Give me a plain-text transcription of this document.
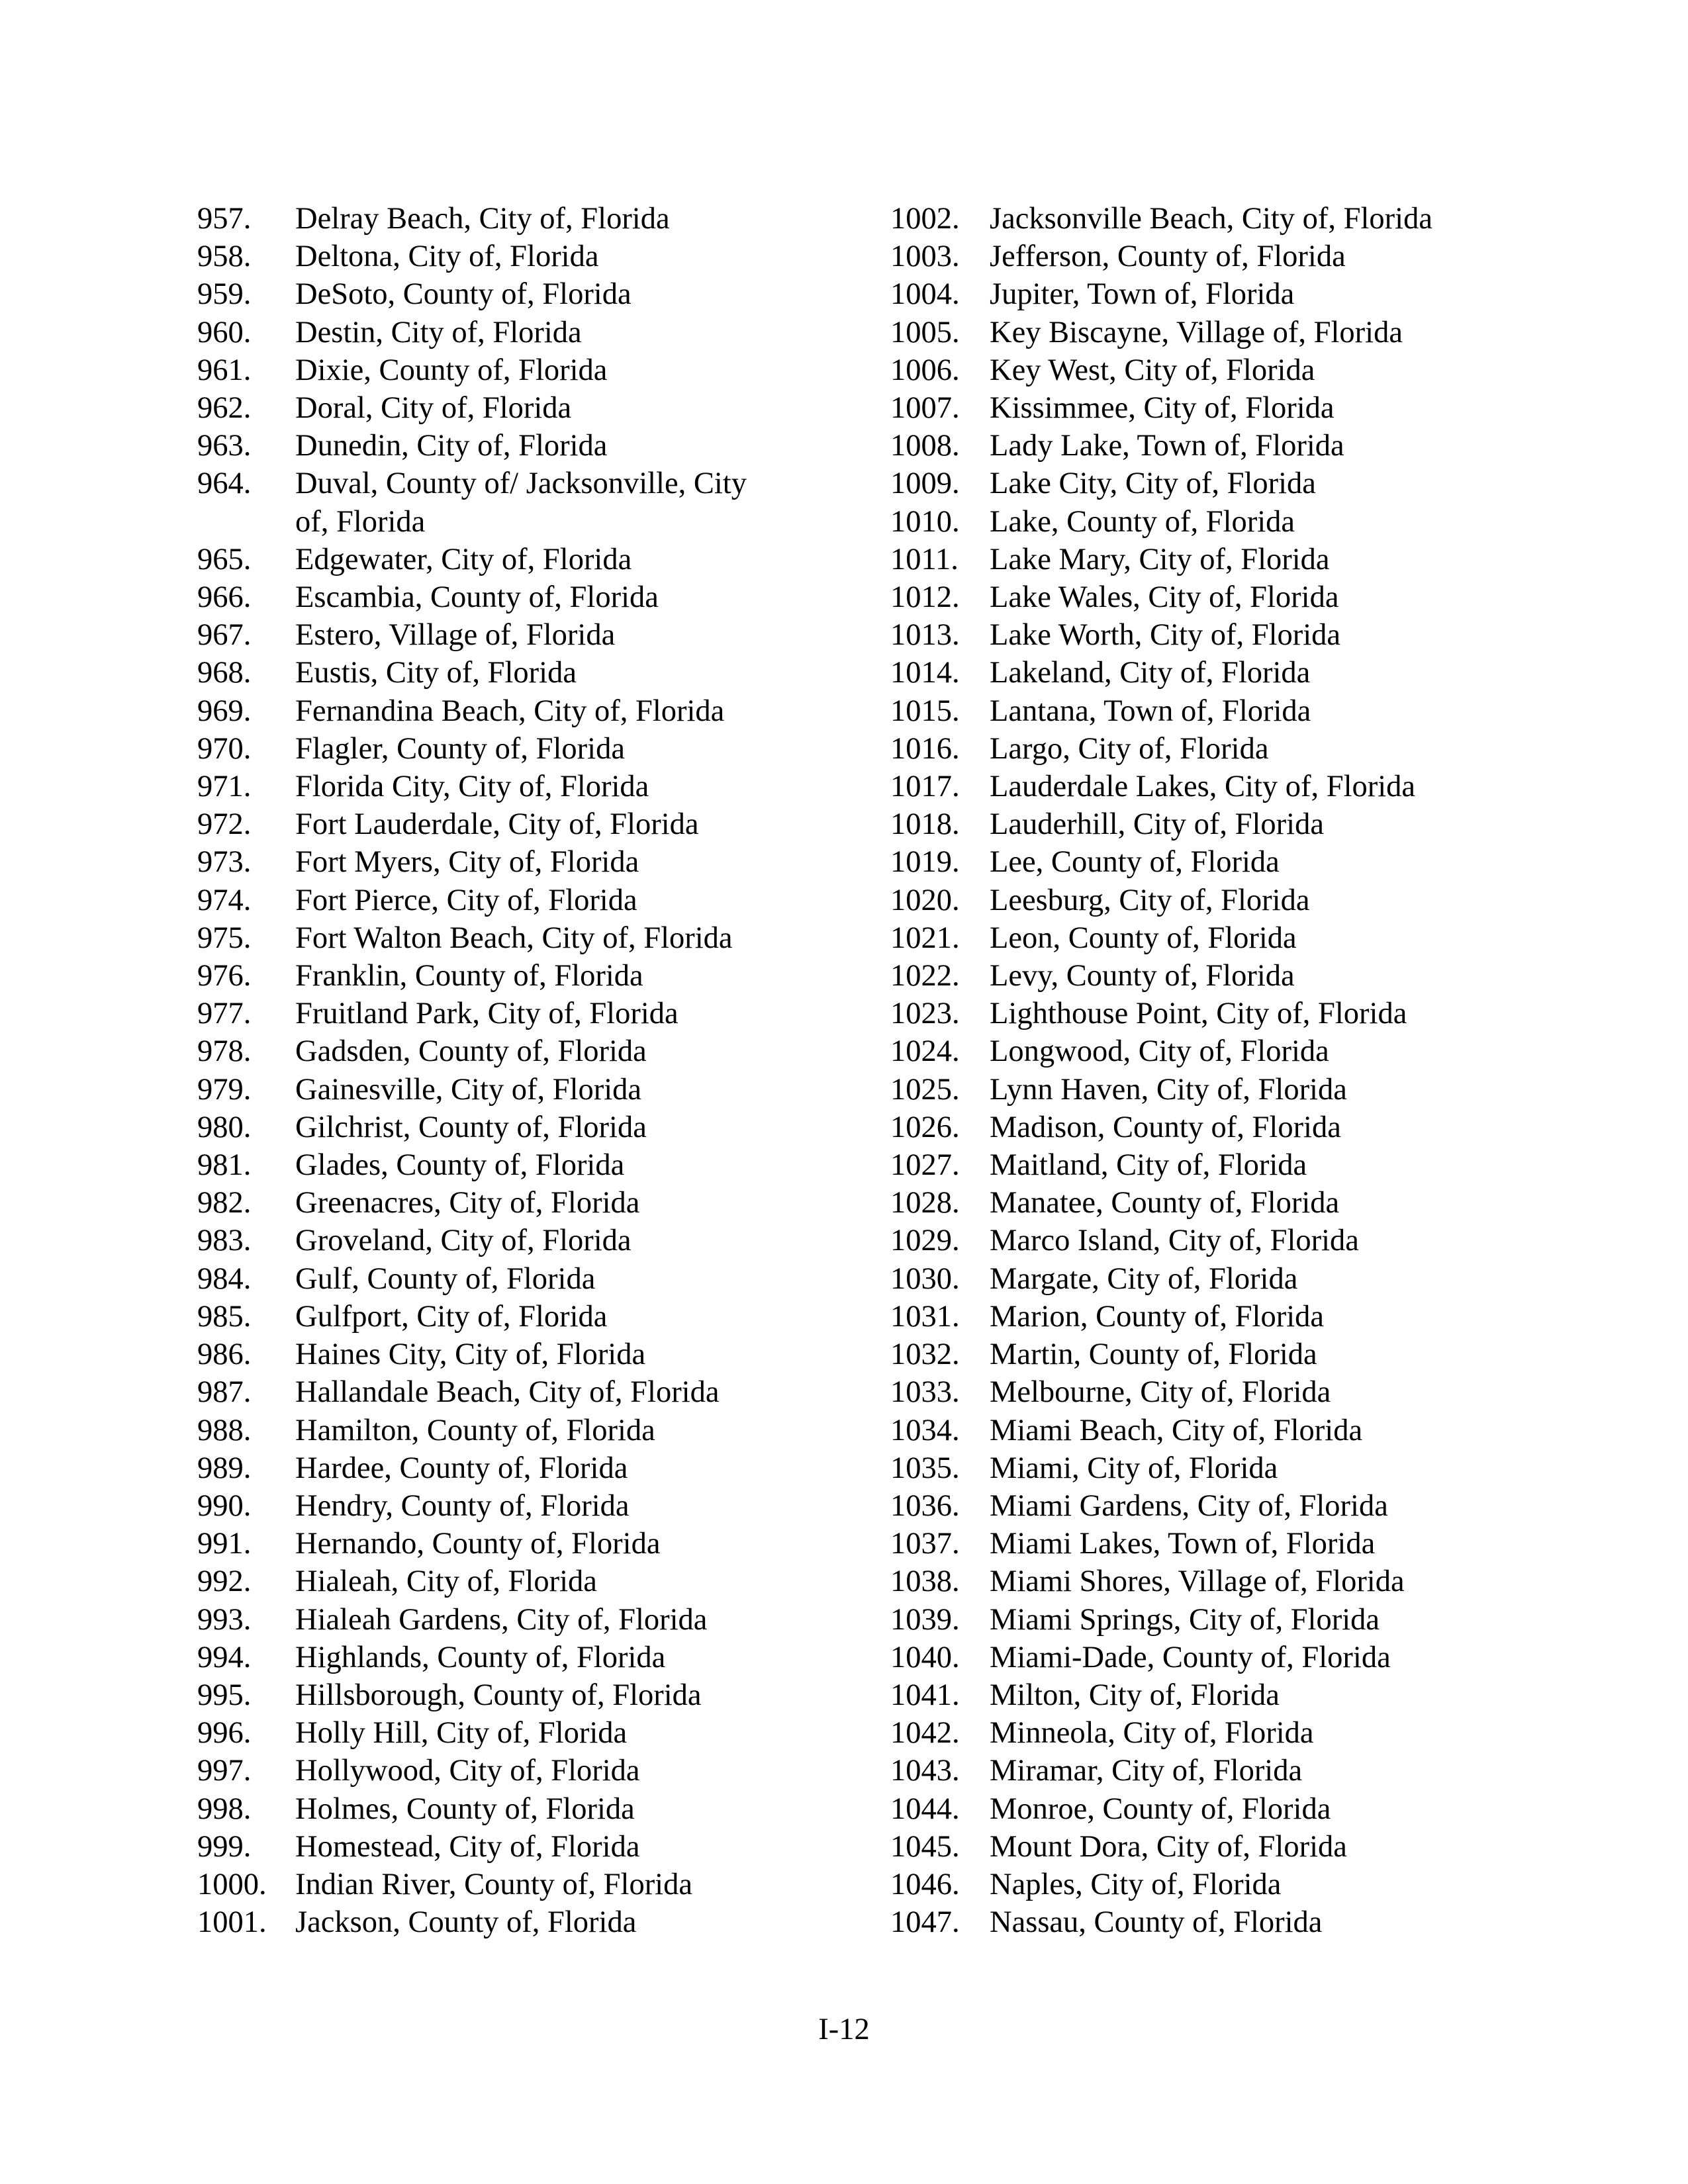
957.	Delray Beach, City of, Florida
958.	Deltona, City of, Florida
959.	DeSoto, County of, Florida
960.	Destin, City of, Florida
961.	Dixie, County of, Florida
962.	Doral, City of, Florida
963.	Dunedin, City of, Florida
964.	Duval, County of/ Jacksonville, City
of, Florida
965.	Edgewater, City of, Florida
966.	Escambia, County of, Florida
967.	Estero, Village of, Florida
968.	Eustis, City of, Florida
969.	Fernandina Beach, City of, Florida
970.	Flagler, County of, Florida
971.	Florida City, City of, Florida
972.	Fort Lauderdale, City of, Florida
973.	Fort Myers, City of, Florida
974.	Fort Pierce, City of, Florida
975.	Fort Walton Beach, City of, Florida
976.	Franklin, County of, Florida
977.	Fruitland Park, City of, Florida
978.	Gadsden, County of, Florida
979.	Gainesville, City of, Florida
980.	Gilchrist, County of, Florida
981.	Glades, County of, Florida
982.	Greenacres, City of, Florida
983.	Groveland, City of, Florida
984.	Gulf, County of, Florida
985.	Gulfport, City of, Florida
986.	Haines City, City of, Florida
987.	Hallandale Beach, City of, Florida
988.	Hamilton, County of, Florida
989.	Hardee, County of, Florida
990.	Hendry, County of, Florida
991.	Hernando, County of, Florida
992.	Hialeah, City of, Florida
993.	Hialeah Gardens, City of, Florida
994.	Highlands, County of, Florida
995.	Hillsborough, County of, Florida
996.	Holly Hill, City of, Florida
997.	Hollywood, City of, Florida
998.	Holmes, County of, Florida
999.	Homestead, City of, Florida
1000. Indian River, County of, Florida
1001. Jackson, County of, Florida
1002. Jacksonville Beach, City of, Florida
1003. Jefferson, County of, Florida
1004. Jupiter, Town of, Florida
1005. Key Biscayne, Village of, Florida
1006. Key West, City of, Florida
1007. Kissimmee, City of, Florida
1008. Lady Lake, Town of, Florida
1009. Lake City, City of, Florida
1010. Lake, County of, Florida
1011.	Lake Mary, City of, Florida
1012. Lake Wales, City of, Florida
1013. Lake Worth, City of, Florida
1014. Lakeland, City of, Florida
1015. Lantana, Town of, Florida
1016. Largo, City of, Florida
1017. Lauderdale Lakes, City of, Florida
1018. Lauderhill, City of, Florida
1019. Lee, County of, Florida
1020. Leesburg, City of, Florida
1021. Leon, County of, Florida
1022. Levy, County of, Florida
1023. Lighthouse Point, City of, Florida
1024. Longwood, City of, Florida
1025. Lynn Haven, City of, Florida
1026. Madison, County of, Florida
1027. Maitland, City of, Florida
1028. Manatee, County of, Florida
1029. Marco Island, City of, Florida
1030. Margate, City of, Florida
1031. Marion, County of, Florida
1032. Martin, County of, Florida
1033. Melbourne, City of, Florida
1034. Miami Beach, City of, Florida
1035. Miami, City of, Florida
1036. Miami Gardens, City of, Florida
1037. Miami Lakes, Town of, Florida
1038. Miami Shores, Village of, Florida
1039. Miami Springs, City of, Florida
1040. Miami-Dade, County of, Florida
1041. Milton, City of, Florida
1042. Minneola, City of, Florida
1043. Miramar, City of, Florida
1044. Monroe, County of, Florida
1045. Mount Dora, City of, Florida
1046. Naples, City of, Florida
1047. Nassau, County of, Florida
I-12
